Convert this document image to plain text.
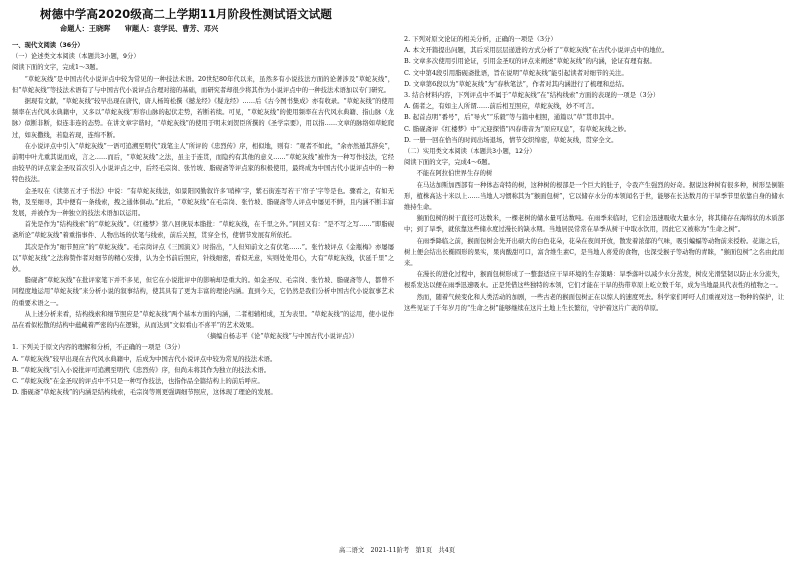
树德中学高2020级高二上学期11月阶段性测试语文试题
命题人：王晓晖　　审题人：袁学民、曹芳、邓兴

一、现代文阅读（36分）

（一）论述类文本阅读（本题共3小题，9分）

阅读下面的文字，完成1～3题。

“草蛇灰线”是中国古代小说评点中较为常见的一种技法术语。20世纪80年代以来，虽然多有小说技法方面的论著涉及“草蛇灰线”，但“草蛇灰线”等技法术语有了与中国古代小说评点合理对接的基础，而研究者却很少将其作为小说评点中的一种技法术语加以专门研究。

据现有文献，“草蛇灰线”较早出现在唐代，唐人杨筠松撰《撼龙经》《疑龙经》……后《古今图书集成》亦有收录。“草蛇灰线”的使用频率在古代风水典籍中，又多以“草蛇灰线”形容山脉的起伏走势，若断若续。可见，“草蛇灰线”的使用频率在古代风水典籍、指山脉（龙脉）似断非断，似连非连的态势。在讲文章字谐时，“草蛇灰线”的使用于明末刘贺臣所撰的《圣学宗要》，用以指……文章的脉络如草蛇爬过，如灰撒线，若隐若现，连绵不断。

在小说评点中引入“草蛇灰线”一语可追溯至明代“戏笔主人”所评的《忠烈传》序，相似地，则有：“观者不如此，“余亦然遁其辞矣”，前明中叶尤重其说而成，言之……而后，“草蛇灰线”之法，虽主于连贯，而隐约有其他的意义……“草蛇灰线”被作为一种写作技法，它经由较早的评点家金圣叹首次引入小说评点之中，后经毛宗岗、张竹坡、脂砚斋等评点家的积极使用，最终成为中国古代小说评点中的一种特色技法。

金圣叹在《读第五才子书法》中说：“有草蛇灰线法，如景阳冈勤叙许多‘哨棒’字，紫石街连写若干‘帘子’字等是也。骤看之，有如无物，及至细寻，其中便有一条线索，拽之通体俱动。”此后，“草蛇灰线”在毛宗岗、张竹坡、脂砚斋等人评点中屡见不鲜，且内涵不断丰富发展，并被作为一种独立的技法术语加以运用。

首先是作为“结构线索”的“草蛇灰线”。《红楼梦》第八回庚辰本脂批：“草蛇灰线，在千里之外。”同回又有：“是不写之写……”即脂砚斋所论“草蛇灰线”着重指事件、人物出场的伏笔与线索，前后关照，贯穿全书，使情节发展有所依托。

其次是作为“细节照应”的“草蛇灰线”。毛宗岗评点《三国演义》时指出，“人但知前文之有伏笔……”。张竹坡评点《金瓶梅》亦屡屡以“草蛇灰线”之法称赞作者对细节的精心安排，认为全书前后照应，针线细密，看似无意，实则处处用心，大有“草蛇灰线，伏延千里”之妙。

脂砚斋“草蛇灰线”在批评家笔下并不多见，但它在小说批评中的影响却是重大的。如金圣叹、毛宗岗、张竹坡、脂砚斋等人，都曾不同程度地运用“草蛇灰线”来分析小说的叙事结构，使其具有了更为丰富的理论内涵。直到今天，它仍然是我们分析中国古代小说叙事艺术的重要术语之一。

从上述分析来看，结构线索和细节照应是“草蛇灰线”两个基本方面的内涵，二者相辅相成，互为表里。“草蛇灰线”的运用，使小说作品在看似松散的结构中蕴藏着严密的内在逻辑，从而达到“文似看山不喜平”的艺术效果。

（摘编自杨志平《论“草蛇灰线”与中国古代小说评点》）

1. 下列关于原文内容的理解和分析，不正确的一项是（3分）

A. “草蛇灰线”较早出现在古代风水典籍中，后成为中国古代小说评点中较为常见的技法术语。

B. “草蛇灰线”引入小说批评可追溯至明代《忠烈传》序，但尚未将其作为独立的技法术语。

C. “草蛇灰线”在金圣叹的评点中不只是一种写作技法，也指作品全篇结构上的前后呼应。

D. 脂砚斋“草蛇灰线”的内涵是结构线索，毛宗岗等则更强调细节照应，这体现了理论的发展。

2. 下列对原文论证的相关分析，正确的一项是（3分）

A. 本文开篇提出问题，其后采用层层递进的方式分析了“草蛇灰线”在古代小说评点中的地位。

B. 文章多次使用引用论证，引用金圣叹的评点来阐述“草蛇灰线”的内涵，论证有理有据。

C. 文中第4段引用脂砚斋批语，旨在说明“草蛇灰线”能引起读者对细节的关注。

D. 文章第6段以为“草蛇灰线”为“春秋笔法”，作者对其内涵进行了梳理和总结。

3. 结合材料内容，下列评点中不属于“草蛇灰线”在“结构线索”方面的表现的一项是（3分）

A. 儒者之，有如主人所谓……前后相互照应，草蛇灰线，妙不可言。

B. 起首点明“番号”，后“导火”“乐毅”等与篇中相照，通篇以“草”贯串其中。

C. 脂砚斋评《红楼梦》中“元迎探惜”四春谐音为“原应叹息”，有草蛇灰线之妙。

D. 一册一回在恰当的时间出场退场，情节交织绵密，草蛇灰线，贯穿全文。

（二）实用类文本阅读（本题共3小题，12分）

阅读下面的文字，完成4～6题。

不能在阿拉伯世界生存的树

在马达加斯加西部有一种体态奇特的树，这种树的根部是一个巨大的肚子，令我产生强烈的好奇。据说这种树有很多种，树形呈倒锥形，植株高达十米以上……当地人习惯称其为“猴面包树”，它以储存水分的本领闻名于世，能够在长达数月的干旱季节里依靠自身的储水维持生命。

猴面包树的树干直径可达数米，一棵老树的储水量可达数吨。在雨季来临时，它们会迅速吸收大量水分，将其储存在海绵状的木质部中；到了旱季，就依靠这些储水度过漫长的缺水期。当地居民常常在旱季从树干中取水饮用，因此它又被称为“生命之树”。

在雨季降临之前，猴面包树会先开出硕大的白色花朵，花朵在夜间开放，散发着浓郁的气味，吸引蝙蝠等动物前来授粉。花谢之后，树上便会结出长椭圆形的果实，果肉酸甜可口，富含维生素C，是当地人喜爱的食物，也深受猴子等动物的青睐，“猴面包树”之名由此而来。

在漫长的进化过程中，猴面包树形成了一整套适应干旱环境的生存策略：旱季落叶以减少水分蒸发，树皮光滑坚韧以防止水分流失，根系发达以便在雨季迅速吸水。正是凭借这些独特的本领，它们才能在干旱的热带草原上屹立数千年，成为当地最具代表性的植物之一。

然而，随着气候变化和人类活动的加剧，一些古老的猴面包树正在以惊人的速度死去。科学家们呼吁人们重视对这一物种的保护，让这些见证了千年岁月的“生命之树”能够继续在这片土地上生长繁衍，守护着这片广袤的草原。

高二语文　2021-11阶考　第1页　共4页
